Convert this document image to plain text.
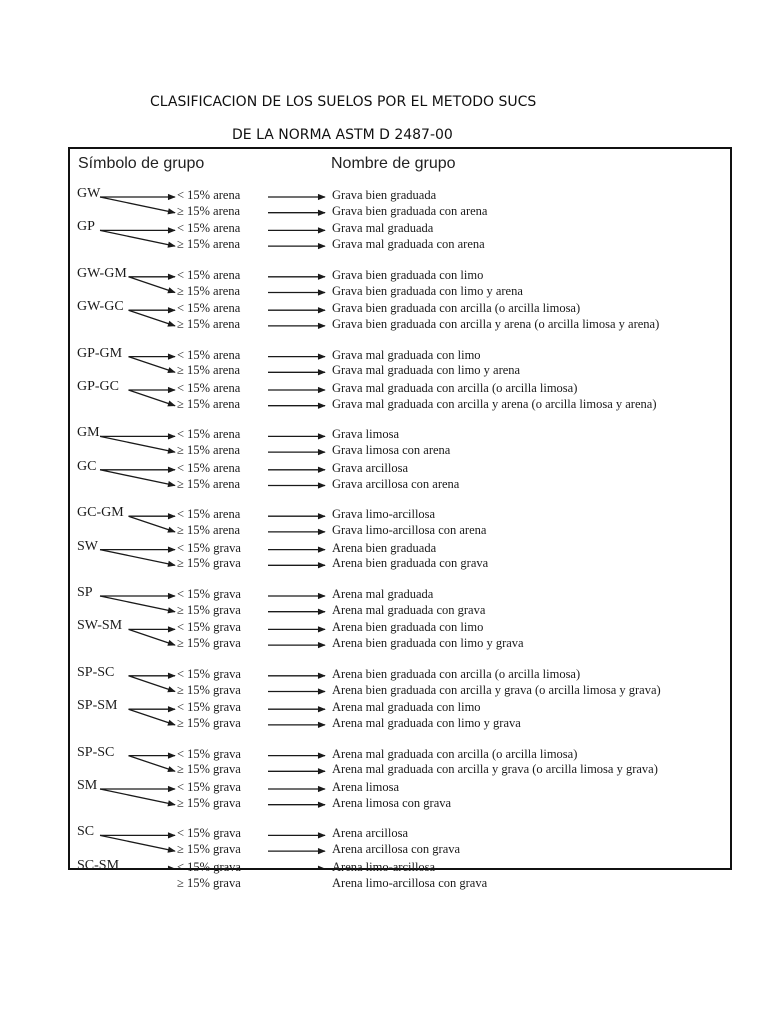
CLASIFICACION DE LOS SUELOS POR EL METODO SUCS
DE LA NORMA ASTM D 2487-00
Símbolo de grupo	Nombre de grupo
GW	< 15% arena	Grava bien graduada
≥ 15% arena	Grava bien graduada con arena
GP	< 15% arena	Grava mal graduada
≥ 15% arena	Grava mal graduada con arena
GW-GM	< 15% arena	Grava bien graduada con limo
≥ 15% arena	Grava bien graduada con limo y arena
GW-GC	< 15% arena	Grava bien graduada con arcilla (o arcilla limosa)
≥ 15% arena	Grava bien graduada con arcilla y arena (o arcilla limosa y arena)
GP-GM	< 15% arena	Grava mal graduada con limo
≥ 15% arena	Grava mal graduada con limo y arena
GP-GC	< 15% arena	Grava mal graduada con arcilla (o arcilla limosa)
≥ 15% arena	Grava mal graduada con arcilla y arena (o arcilla limosa y arena)
GM	< 15% arena	Grava limosa
≥ 15% arena	Grava limosa con arena
GC	< 15% arena	Grava arcillosa
≥ 15% arena	Grava arcillosa con arena
GC-GM	< 15% arena	Grava limo-arcillosa
≥ 15% arena	Grava limo-arcillosa con arena
SW	< 15% grava	Arena bien graduada
≥ 15% grava	Arena bien graduada con grava
SP	< 15% grava	Arena mal graduada
≥ 15% grava	Arena mal graduada con grava
SW-SM	< 15% grava	Arena bien graduada con limo
≥ 15% grava	Arena bien graduada con limo y grava
SP-SC	< 15% grava	Arena bien graduada con arcilla (o arcilla limosa)
≥ 15% grava	Arena bien graduada con arcilla y grava (o arcilla limosa y grava)
SP-SM	< 15% grava	Arena mal graduada con limo
≥ 15% grava	Arena mal graduada con limo y grava
SP-SC	< 15% grava	Arena mal graduada con arcilla (o arcilla limosa)
≥ 15% grava	Arena mal graduada con arcilla y grava (o arcilla limosa y grava)
SM	< 15% grava	Arena limosa
≥ 15% grava	Arena limosa con grava
SC	< 15% grava	Arena arcillosa
≥ 15% grava	Arena arcillosa con grava
SC-SM	< 15% grava	Arena limo-arcillosa
≥ 15% grava	Arena limo-arcillosa con grava
